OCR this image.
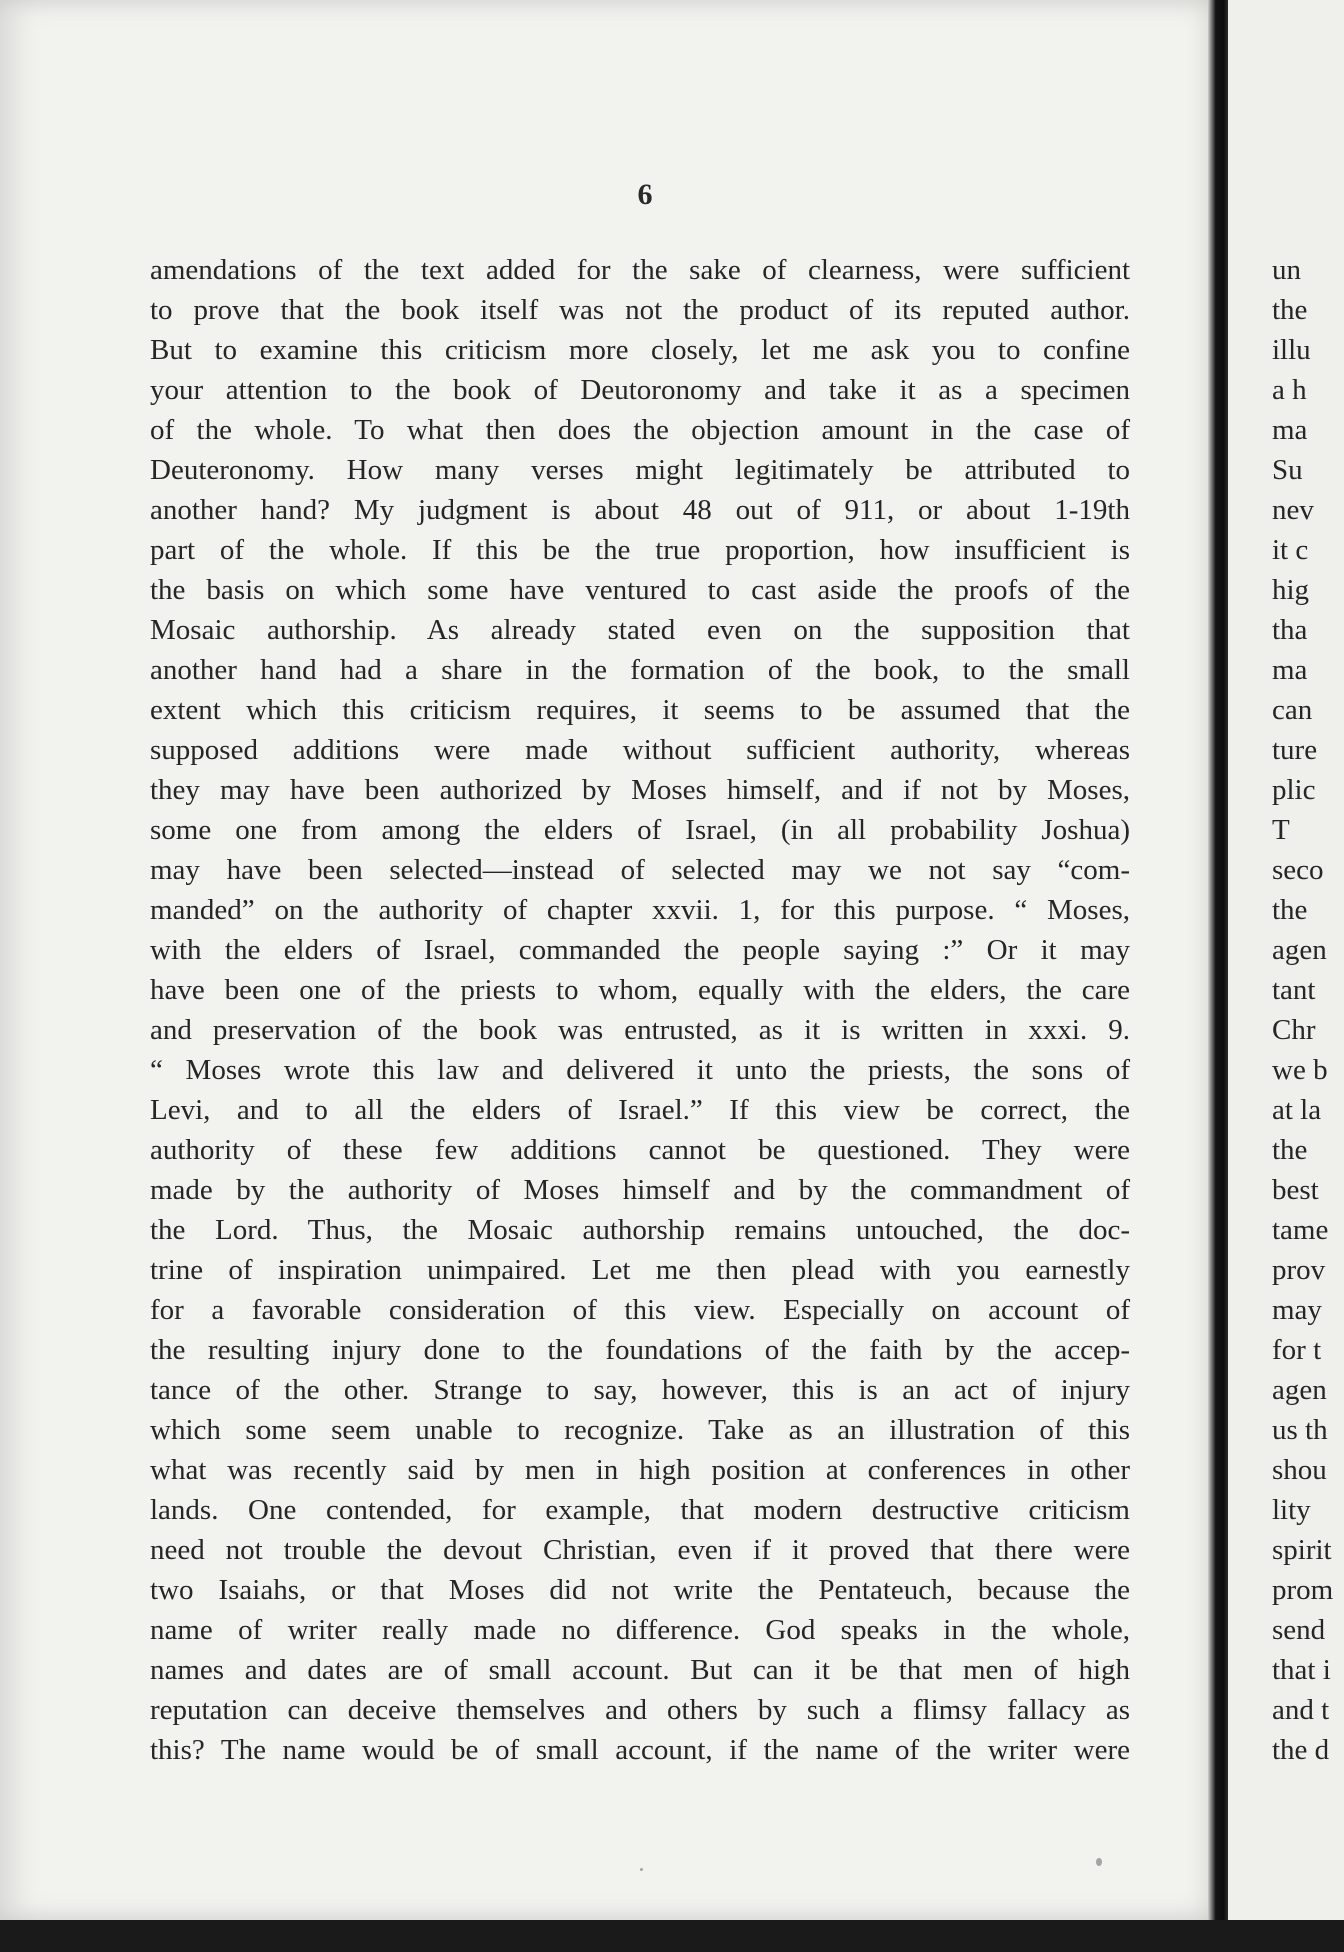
6
amendations of the text added for the sake of clearness, were sufficient
to prove that the book itself was not the product of its reputed author.
But to examine this criticism more closely, let me ask you to confine
your attention to the book of Deutoronomy and take it as a specimen
of the whole. To what then does the objection amount in the case of
Deuteronomy. How many verses might legitimately be attributed to
another hand? My judgment is about 48 out of 911, or about 1-19th
part of the whole. If this be the true proportion, how insufficient is
the basis on which some have ventured to cast aside the proofs of the
Mosaic authorship. As already stated even on the supposition that
another hand had a share in the formation of the book, to the small
extent which this criticism requires, it seems to be assumed that the
supposed additions were made without sufficient authority, whereas
they may have been authorized by Moses himself, and if not by Moses,
some one from among the elders of Israel, (in all probability Joshua)
may have been selected—instead of selected may we not say “com-
manded” on the authority of chapter xxvii. 1, for this purpose. “ Moses,
with the elders of Israel, commanded the people saying :” Or it may
have been one of the priests to whom, equally with the elders, the care
and preservation of the book was entrusted, as it is written in xxxi. 9.
“ Moses wrote this law and delivered it unto the priests, the sons of
Levi, and to all the elders of Israel.” If this view be correct, the
authority of these few additions cannot be questioned. They were
made by the authority of Moses himself and by the commandment of
the Lord. Thus, the Mosaic authorship remains untouched, the doc-
trine of inspiration unimpaired. Let me then plead with you earnestly
for a favorable consideration of this view. Especially on account of
the resulting injury done to the foundations of the faith by the accep-
tance of the other. Strange to say, however, this is an act of injury
which some seem unable to recognize. Take as an illustration of this
what was recently said by men in high position at conferences in other
lands. One contended, for example, that modern destructive criticism
need not trouble the devout Christian, even if it proved that there were
two Isaiahs, or that Moses did not write the Pentateuch, because the
name of writer really made no difference. God speaks in the whole,
names and dates are of small account. But can it be that men of high
reputation can deceive themselves and others by such a flimsy fallacy as
this? The name would be of small account, if the name of the writer were
un
the
illu
a h
ma
Su
nev
it c
hig
tha
ma
can
ture
plic
T
seco
the
agen
tant
Chr
we b
at la
the
best
tame
prov
may
for t
agen
us th
shou
lity
spirit
prom
send
that i
and t
the d
